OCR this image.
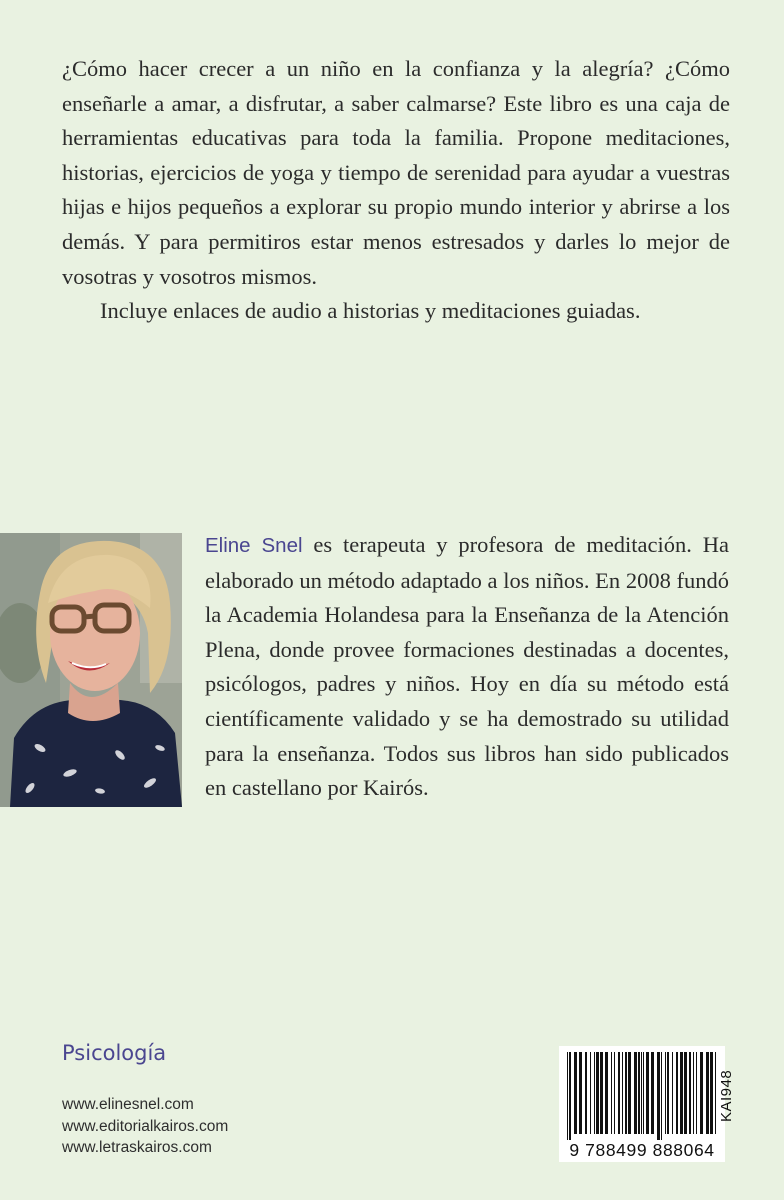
¿Cómo hacer crecer a un niño en la confianza y la alegría? ¿Cómo enseñarle a amar, a disfrutar, a saber calmarse? Este libro es una caja de herramientas educativas para toda la familia. Propone meditaciones, historias, ejercicios de yoga y tiempo de serenidad para ayudar a vuestras hijas e hijos pequeños a explorar su propio mundo interior y abrirse a los demás. Y para permitiros estar menos estresados y darles lo mejor de vosotras y vosotros mismos.

Incluye enlaces de audio a historias y meditaciones guiadas.

Eline Snel es terapeuta y profesora de meditación. Ha elaborado un método adaptado a los niños. En 2008 fundó la Academia Holandesa para la Enseñanza de la Atención Plena, donde provee formaciones destinadas a docentes, psicólogos, padres y niños. Hoy en día su método está científicamente validado y se ha demostrado su utilidad para la enseñanza. Todos sus libros han sido publicados en castellano por Kairós.
Psicología
www.elinesnel.com
www.editorialkairos.com
www.letraskairos.com	9 788499 888064
KAI948
